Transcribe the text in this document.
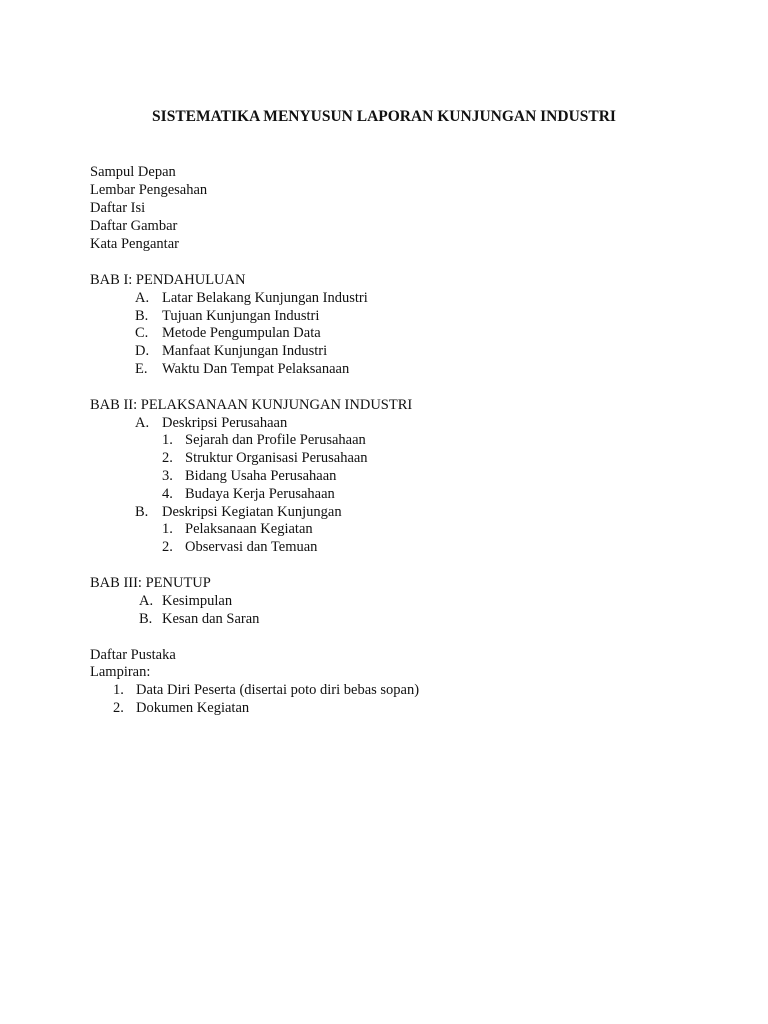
SISTEMATIKA MENYUSUN LAPORAN KUNJUNGAN INDUSTRI
Sampul Depan
Lembar Pengesahan
Daftar Isi
Daftar Gambar
Kata Pengantar
BAB I: PENDAHULUAN
A. Latar Belakang Kunjungan Industri
B. Tujuan Kunjungan Industri
C. Metode Pengumpulan Data
D. Manfaat Kunjungan Industri
E. Waktu Dan Tempat Pelaksanaan
BAB II: PELAKSANAAN KUNJUNGAN INDUSTRI
A. Deskripsi Perusahaan
1. Sejarah dan Profile Perusahaan
2. Struktur Organisasi Perusahaan
3. Bidang Usaha Perusahaan
4. Budaya Kerja Perusahaan
B. Deskripsi Kegiatan Kunjungan
1. Pelaksanaan Kegiatan
2. Observasi dan Temuan
BAB III: PENUTUP
A. Kesimpulan
B. Kesan dan Saran
Daftar Pustaka
Lampiran:
1. Data Diri Peserta (disertai poto diri bebas sopan)
2. Dokumen Kegiatan
